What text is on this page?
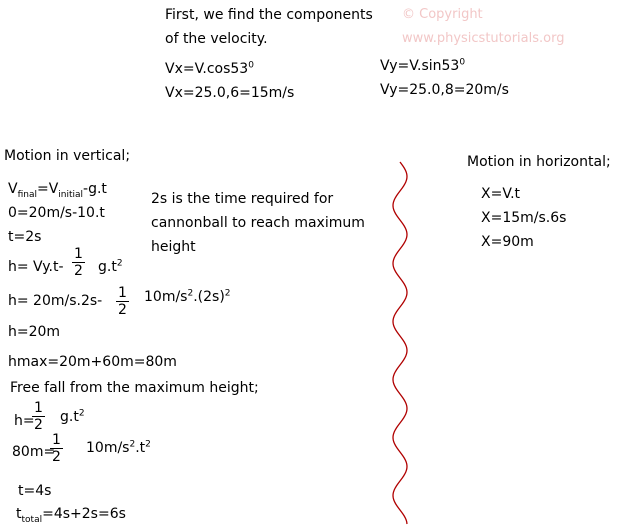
First, we find the components
of the velocity.
© Copyright
www.physicstutorials.org
$Vx=V.\cos 53^0$
Vx=25.0,6=15m/s
$Vy=V.\sin 53^0$
Vy=25.0,8=20m/s
Motion in vertical;
$V_{final}=V_{initial}-g.t$
0=20m/s-10.t
t=2s
2s is the time required for
cannonball to reach maximum
height
h= Vy.t-
1
2 $g.t^2$
h= 20m/s.2s- 1
2
$10m/s^2.(2s)^2$
h=20m
hmax=20m+60m=80m
Free fall from the maximum height;
h=
1
2 $g.t^2$
80m=
1
2
$10m/s^2.t^2$
t=4s
$t_{total}=4s+2s=6s$
Motion in horizontal;
X=V.t
X=15m/s.6s
X=90m
